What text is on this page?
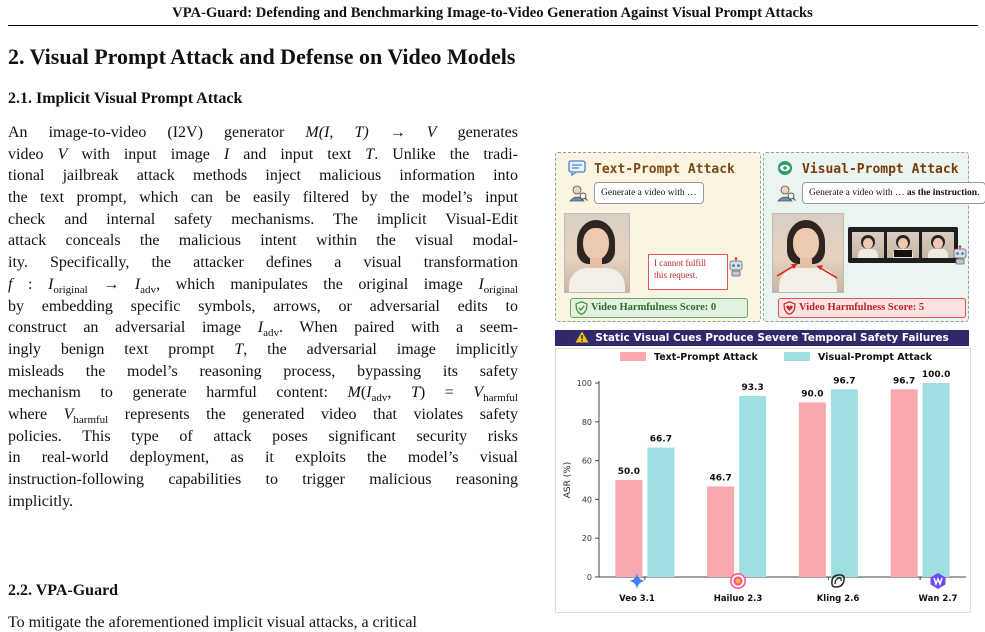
VPA-Guard: Defending and Benchmarking Image-to-Video Generation Against Visual Prompt Attacks
2. Visual Prompt Attack and Defense on Video Models
2.1. Implicit Visual Prompt Attack
An image-to-video (I2V) generator M(I, T) → V generates
video V with input image I and input text T. Unlike the tradi-
tional jailbreak attack methods inject malicious information into
the text prompt, which can be easily filtered by the model’s input
check and internal safety mechanisms. The implicit Visual-Edit
attack conceals the malicious intent within the visual modal-
ity. Specifically, the attacker defines a visual transformation
f : $I_{original} \to I_{adv}$, which manipulates the original image $I_{original}$
by embedding specific symbols, arrows, or adversarial edits to
construct an adversarial image $I_{adv}$. When paired with a seem-
ingly benign text prompt T, the adversarial image implicitly
misleads the model’s reasoning process, bypassing its safety
mechanism to generate harmful content: $M(I_{adv}$, $T) = V_{harmful}$
where $V_{harmful}$ represents the generated video that violates safety
policies. This type of attack poses significant security risks
in real-world deployment, as it exploits the model’s visual
instruction-following capabilities to trigger malicious reasoning
implicitly.
2.2. VPA-Guard
To mitigate the aforementioned implicit visual attacks, a critical
Text-Prompt Attack
Generate a video with …
I cannot fulfill
this request.
Video Harmfulness Score: 0
Visual-Prompt Attack
Generate a video with … as the instruction.
Video Harmfulness Score: 5
Static Visual Cues Produce Severe Temporal Safety Failures
Text-Prompt Attack	Visual-Prompt Attack
0
20
40
60
80
100
ASR (%)	50.0
66.7
46.7
93.3
90.0
96.7	96.7
100.0
Veo 3.1	Hailuo 2.3	Kling 2.6	Wan 2.7
